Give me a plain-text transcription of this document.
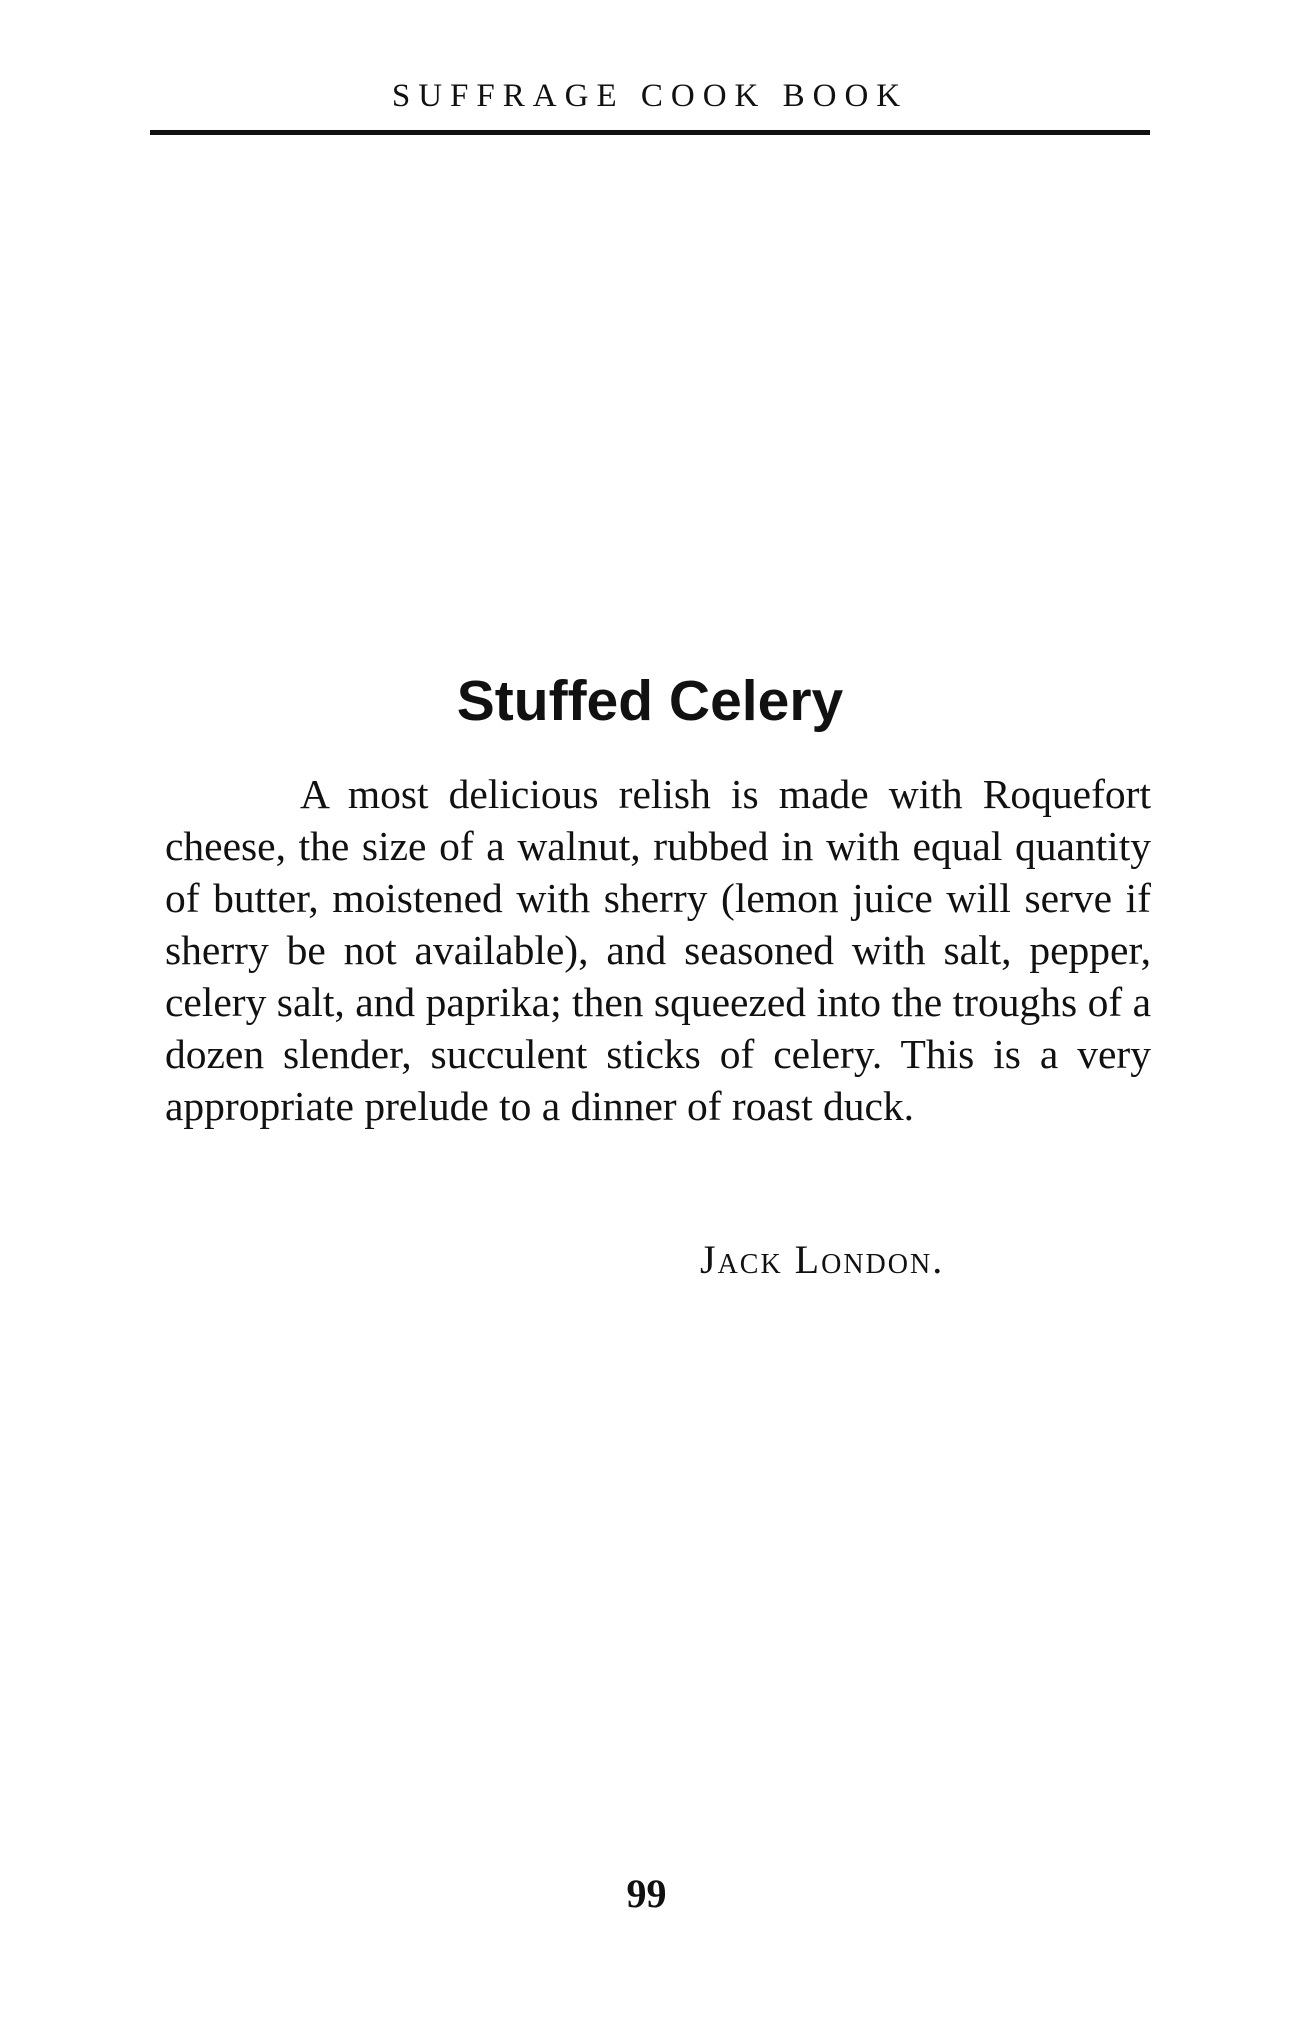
SUFFRAGE COOK BOOK
Stuffed Celery

A most delicious relish is made with Roquefort cheese, the size of a walnut, rubbed in with equal quantity of butter, moistened with sherry (lemon juice will serve if sherry be not available), and seasoned with salt, pepper, celery salt, and paprika; then squeezed into the troughs of a dozen slender, succulent sticks of celery. This is a very appropriate prelude to a dinner of roast duck.

Jack London.
99
